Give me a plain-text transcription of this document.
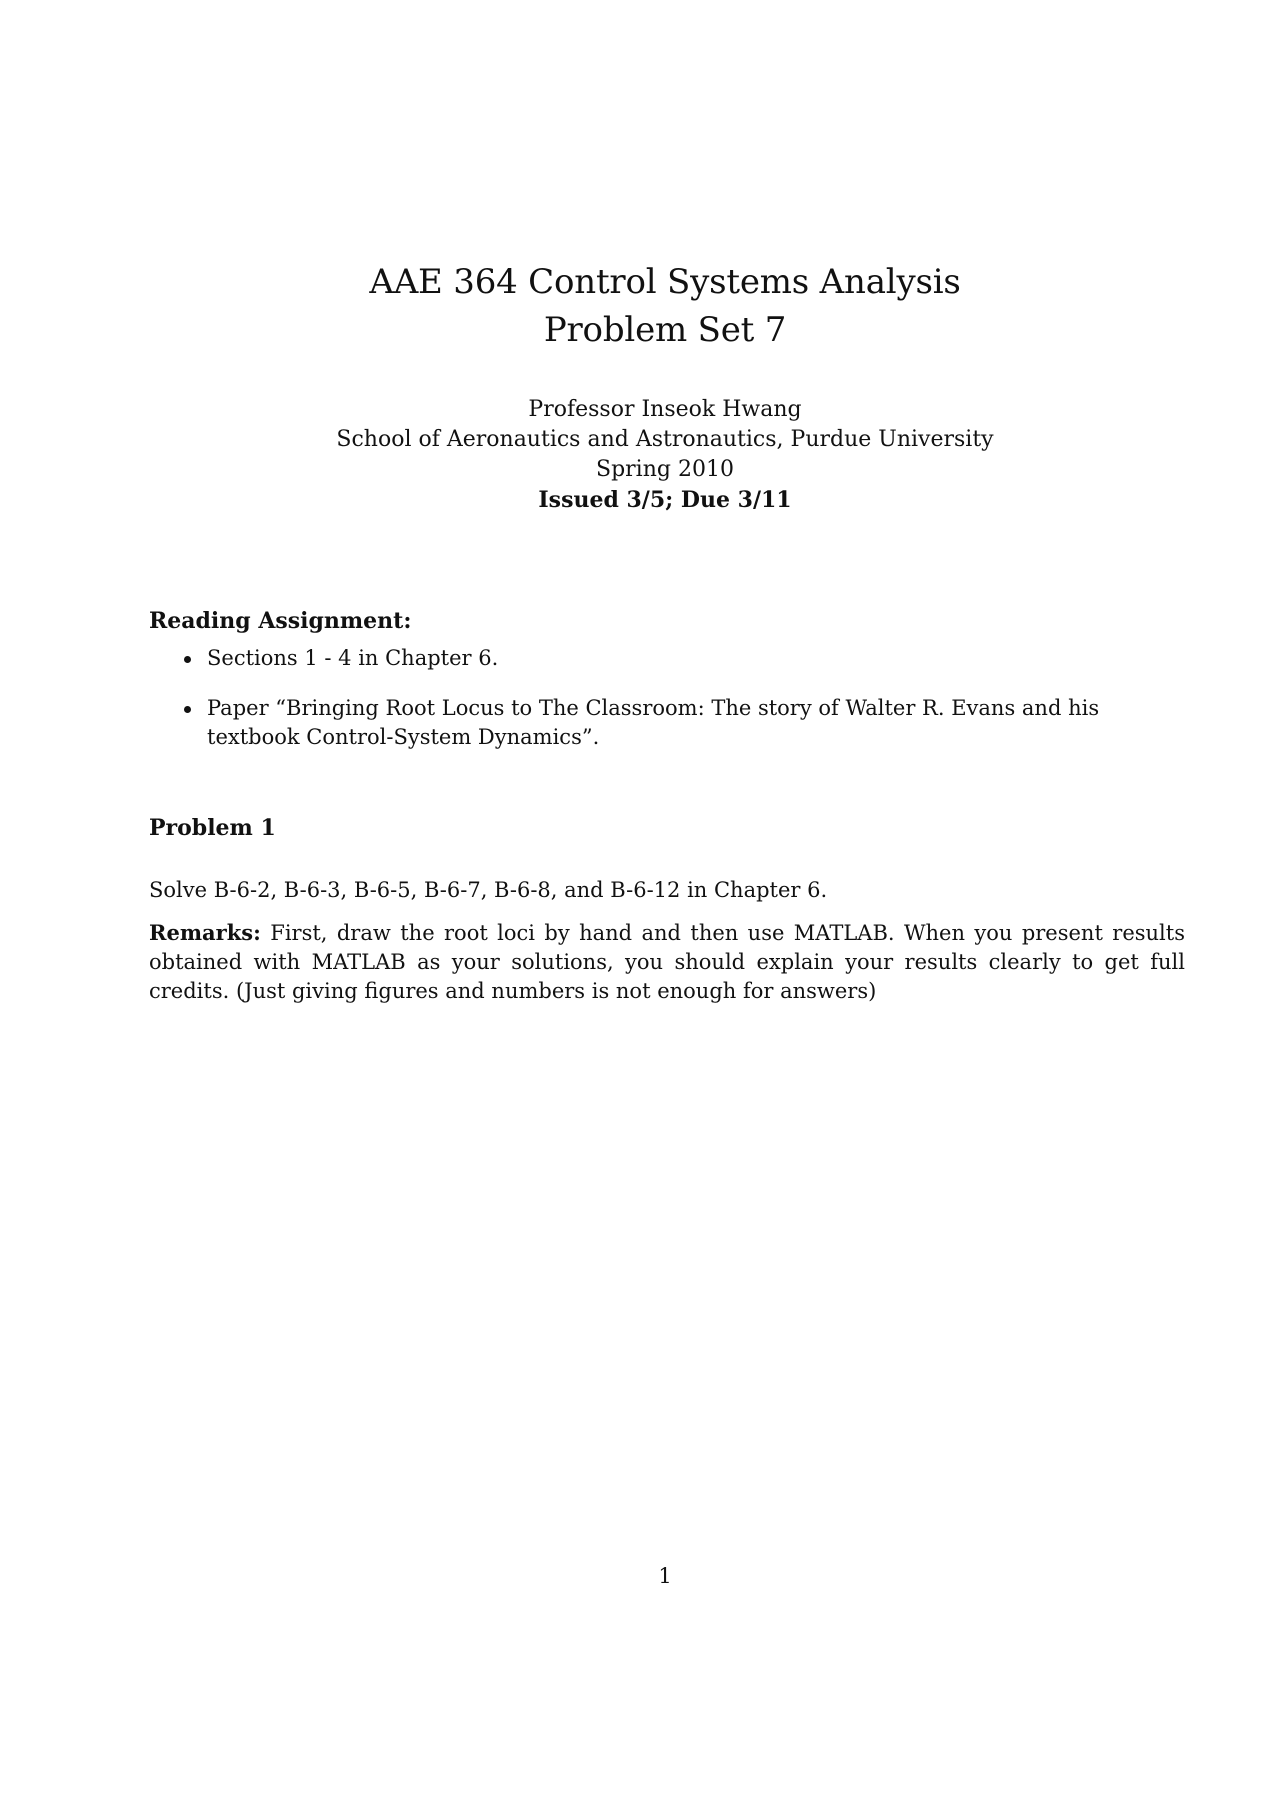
AAE 364 Control Systems Analysis
Problem Set 7
Professor Inseok Hwang
School of Aeronautics and Astronautics, Purdue University
Spring 2010
Issued 3/5; Due 3/11
Reading Assignment:
Sections 1 - 4 in Chapter 6.
Paper “Bringing Root Locus to The Classroom: The story of Walter R. Evans and his textbook Control-System Dynamics”.
Problem 1

Solve B-6-2, B-6-3, B-6-5, B-6-7, B-6-8, and B-6-12 in Chapter 6.

Remarks: First, draw the root loci by hand and then use MATLAB. When you present results obtained with MATLAB as your solutions, you should explain your results clearly to get full credits. (Just giving figures and numbers is not enough for answers)

1
